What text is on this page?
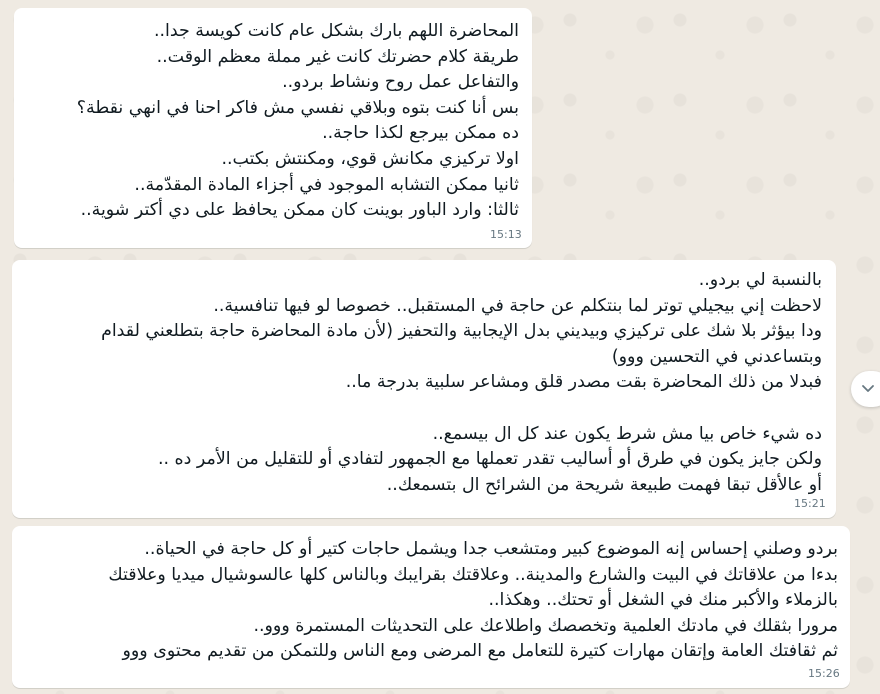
المحاضرة اللهم بارك بشكل عام كانت كويسة جدا..

طريقة كلام حضرتك كانت غير مملة معظم الوقت..

والتفاعل عمل روح ونشاط بردو..

بس أنا كنت بتوه وبلاقي نفسي مش فاكر احنا في انهي نقطة؟

ده ممكن بيرجع لكذا حاجة..

اولا تركيزي مكانش قوي، ومكنتش بكتب..

ثانيا ممكن التشابه الموجود في أجزاء المادة المقدّمة..

ثالثا: وارد الباور بوينت كان ممكن يحافظ على دي أكتر شوية..

15:13

بالنسبة لي بردو..

لاحظت إني بيجيلي توتر لما بنتكلم عن حاجة في المستقبل.. خصوصا لو فيها تنافسية..

ودا بيؤثر بلا شك على تركيزي وبيديني بدل الإيجابية والتحفيز (لأن مادة المحاضرة حاجة بتطلعني لقدام

وبتساعدني في التحسين ووو)

فبدلا من ذلك المحاضرة بقت مصدر قلق ومشاعر سلبية بدرجة ما..

ده شيء خاص بيا مش شرط يكون عند كل ال بيسمع..

ولكن جايز يكون في طرق أو أساليب تقدر تعملها مع الجمهور لتفادي أو للتقليل من الأمر ده ..

أو عالأقل تبقا فهمت طبيعة شريحة من الشرائح ال بتسمعك..

15:21

بردو وصلني إحساس إنه الموضوع كبير ومتشعب جدا ويشمل حاجات كتير أو كل حاجة في الحياة..

بدءا من علاقاتك في البيت والشارع والمدينة.. وعلاقتك بقرايبك وبالناس كلها عالسوشيال ميديا وعلاقتك

بالزملاء والأكبر منك في الشغل أو تحتك.. وهكذا..

مرورا بثقلك في مادتك العلمية وتخصصك واطلاعك على التحديثات المستمرة ووو..

ثم ثقافتك العامة وإتقان مهارات كتيرة للتعامل مع المرضى ومع الناس وللتمكن من تقديم محتوى ووو

15:26
